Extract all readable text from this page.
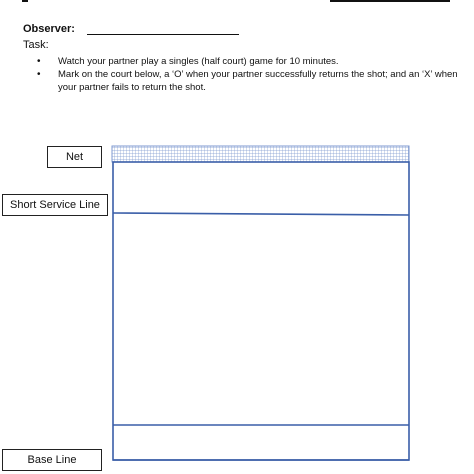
Observer:
Task:
• Watch your partner play a singles (half court) game for 10 minutes.
• Mark on the court below, a ‘O’ when your partner successfully returns the shot; and an ‘X’ when your partner fails to return the shot.
Net
Short Service Line
Base Line
